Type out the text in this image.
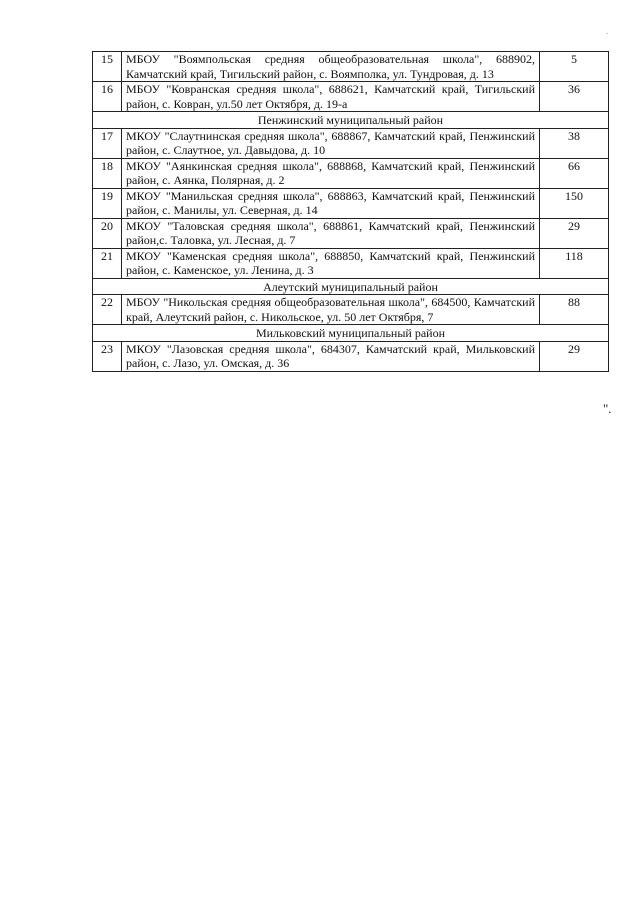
.
15	МБОУ "Воямпольская средняя общеобразовательная школа", 688902, Камчатский край, Тигильский район, с. Воямполка, ул. Тундровая, д. 13	5
16	МБОУ "Ковранская средняя школа", 688621, Камчатский край, Тигильский район, с. Ковран, ул.50 лет Октября, д. 19-а	36
Пенжинский муниципальный район		
17	МКОУ "Слаутнинская средняя школа", 688867, Камчатский край, Пенжинский район, с. Слаутное, ул. Давыдова, д. 10	38
18	МКОУ "Аянкинская средняя школа", 688868, Камчатский край, Пенжинский район, с. Аянка, Полярная, д. 2	66
19	МКОУ "Манильская средняя школа", 688863, Камчатский край, Пенжинский район, с. Манилы, ул. Северная, д. 14	150
20	МКОУ "Таловская средняя школа", 688861, Камчатский край, Пенжинский район,с. Таловка, ул. Лесная, д. 7	29
21	МКОУ "Каменская средняя школа", 688850, Камчатский край, Пенжинский район, с. Каменское, ул. Ленина, д. 3	118
Алеутский муниципальный район		
22	МБОУ "Никольская средняя общеобразовательная школа", 684500, Камчатский край, Алеутский район, с. Никольское, ул. 50 лет Октября, 7	88
Мильковский муниципальный район		
23	МКОУ "Лазовская средняя школа", 684307, Камчатский край, Мильковский район, с. Лазо, ул. Омская, д. 36	29
".
